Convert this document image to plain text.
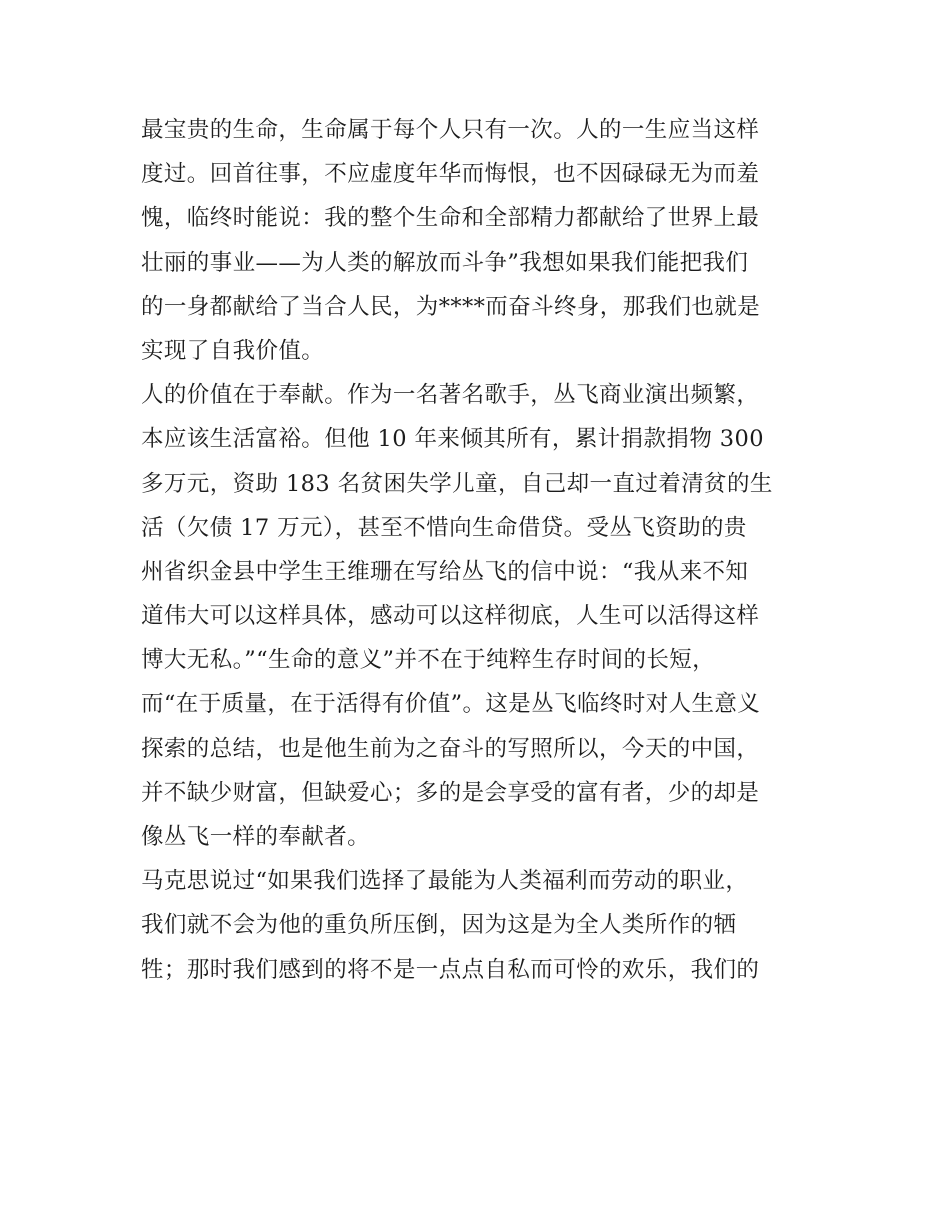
最宝贵的生命，生命属于每个人只有一次。人的一生应当这样
度过。回首往事，不应虚度年华而悔恨，也不因碌碌无为而羞
愧，临终时能说：我的整个生命和全部精力都献给了世界上最
壮丽的事业——为人类的解放而斗争”我想如果我们能把我们
的一身都献给了当合人民，为****而奋斗终身，那我们也就是
实现了自我价值。
人的价值在于奉献。作为一名著名歌手，丛飞商业演出频繁，
本应该生活富裕。但他 10 年来倾其所有，累计捐款捐物 300
多万元，资助 183 名贫困失学儿童，自己却一直过着清贫的生
活（欠债 17 万元），甚至不惜向生命借贷。受丛飞资助的贵
州省织金县中学生王维珊在写给丛飞的信中说：“我从来不知
道伟大可以这样具体，感动可以这样彻底，人生可以活得这样
博大无私。”“生命的意义”并不在于纯粹生存时间的长短，
而“在于质量，在于活得有价值”。这是丛飞临终时对人生意义
探索的总结，也是他生前为之奋斗的写照所以，今天的中国，
并不缺少财富，但缺爱心；多的是会享受的富有者，少的却是
像丛飞一样的奉献者。
马克思说过“如果我们选择了最能为人类福利而劳动的职业，
我们就不会为他的重负所压倒，因为这是为全人类所作的牺
牲；那时我们感到的将不是一点点自私而可怜的欢乐，我们的
